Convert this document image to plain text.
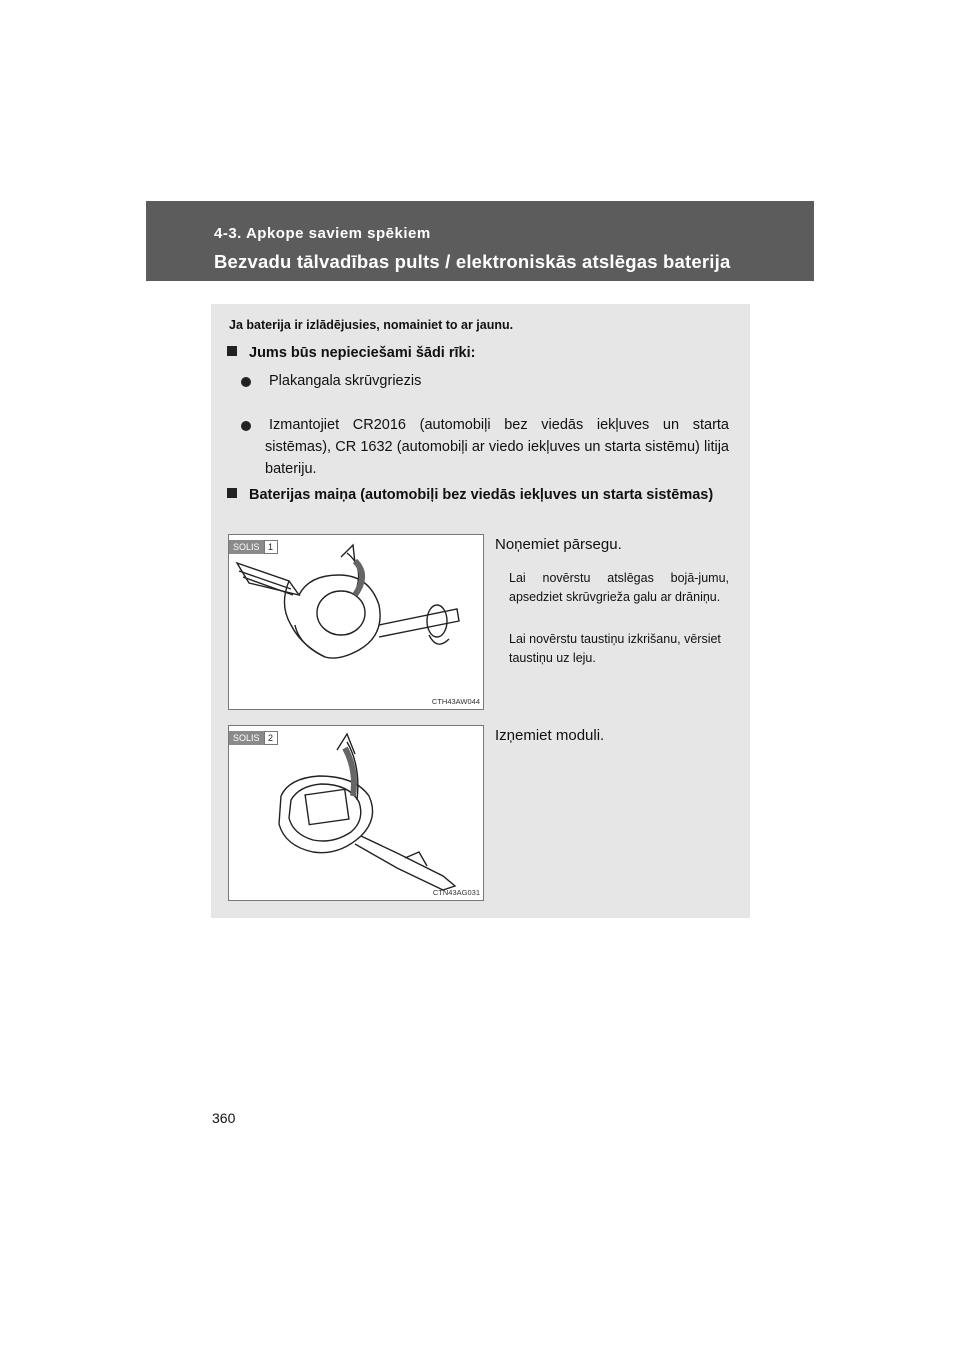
4-3. Apkope saviem spēkiem
Bezvadu tālvadības pults / elektroniskās atslēgas baterija
Ja baterija ir izlādējusies, nomainiet to ar jaunu.
Jums būs nepieciešami šādi rīki:
Plakangala skrūvgriezis
Izmantojiet CR2016 (automobiļi bez viedās iekļuves un starta sistēmas), CR 1632 (automobiļi ar viedo iekļuves un starta sistēmu) litija bateriju.
Baterijas maiņa (automobiļi bez viedās iekļuves un starta sistēmas)
SOLIS 1
CTH43AW044
Noņemiet pārsegu.
Lai novērstu atslēgas bojā-jumu, apsedziet skrūvgrieža galu ar drāniņu.
Lai novērstu taustiņu izkrišanu, vērsiet taustiņu uz leju.
SOLIS 2
CTN43AG031
Izņemiet moduli.
360
